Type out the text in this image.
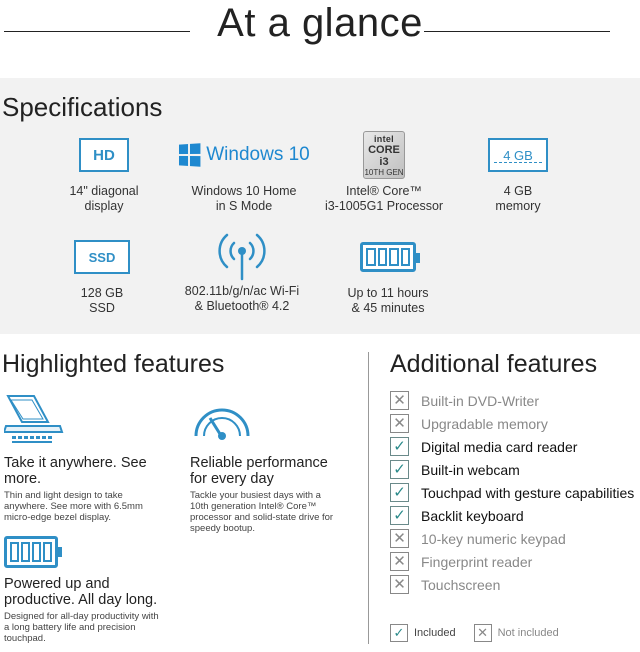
At a glance
Specifications
HD
14" diagonal
display
Windows 10
Windows 10 Home
in S Mode
intel
CORE i3
10TH GEN
Intel® Core™
i3-1005G1 Processor
4 GB
4 GB
memory
SSD
128 GB
SSD
802.11b/g/n/ac Wi-Fi
& Bluetooth® 4.2
Up to 11 hours
& 45 minutes
Highlighted features
Take it anywhere. See more.
Thin and light design to take anywhere. See more with 6.5mm micro-edge bezel display.
Reliable performance for every day
Tackle your busiest days with a 10th generation Intel® Core™ processor and solid-state drive for speedy bootup.
Powered up and productive. All day long.
Designed for all-day productivity with a long battery life and precision touchpad.
Additional features
✕ Built-in DVD-Writer
✕ Upgradable memory
✓ Digital media card reader
✓ Built-in webcam
✓ Touchpad with gesture capabilities
✓ Backlit keyboard
✕ 10-key numeric keypad
✕ Fingerprint reader
✕ Touchscreen
✓ Included ✕ Not included
